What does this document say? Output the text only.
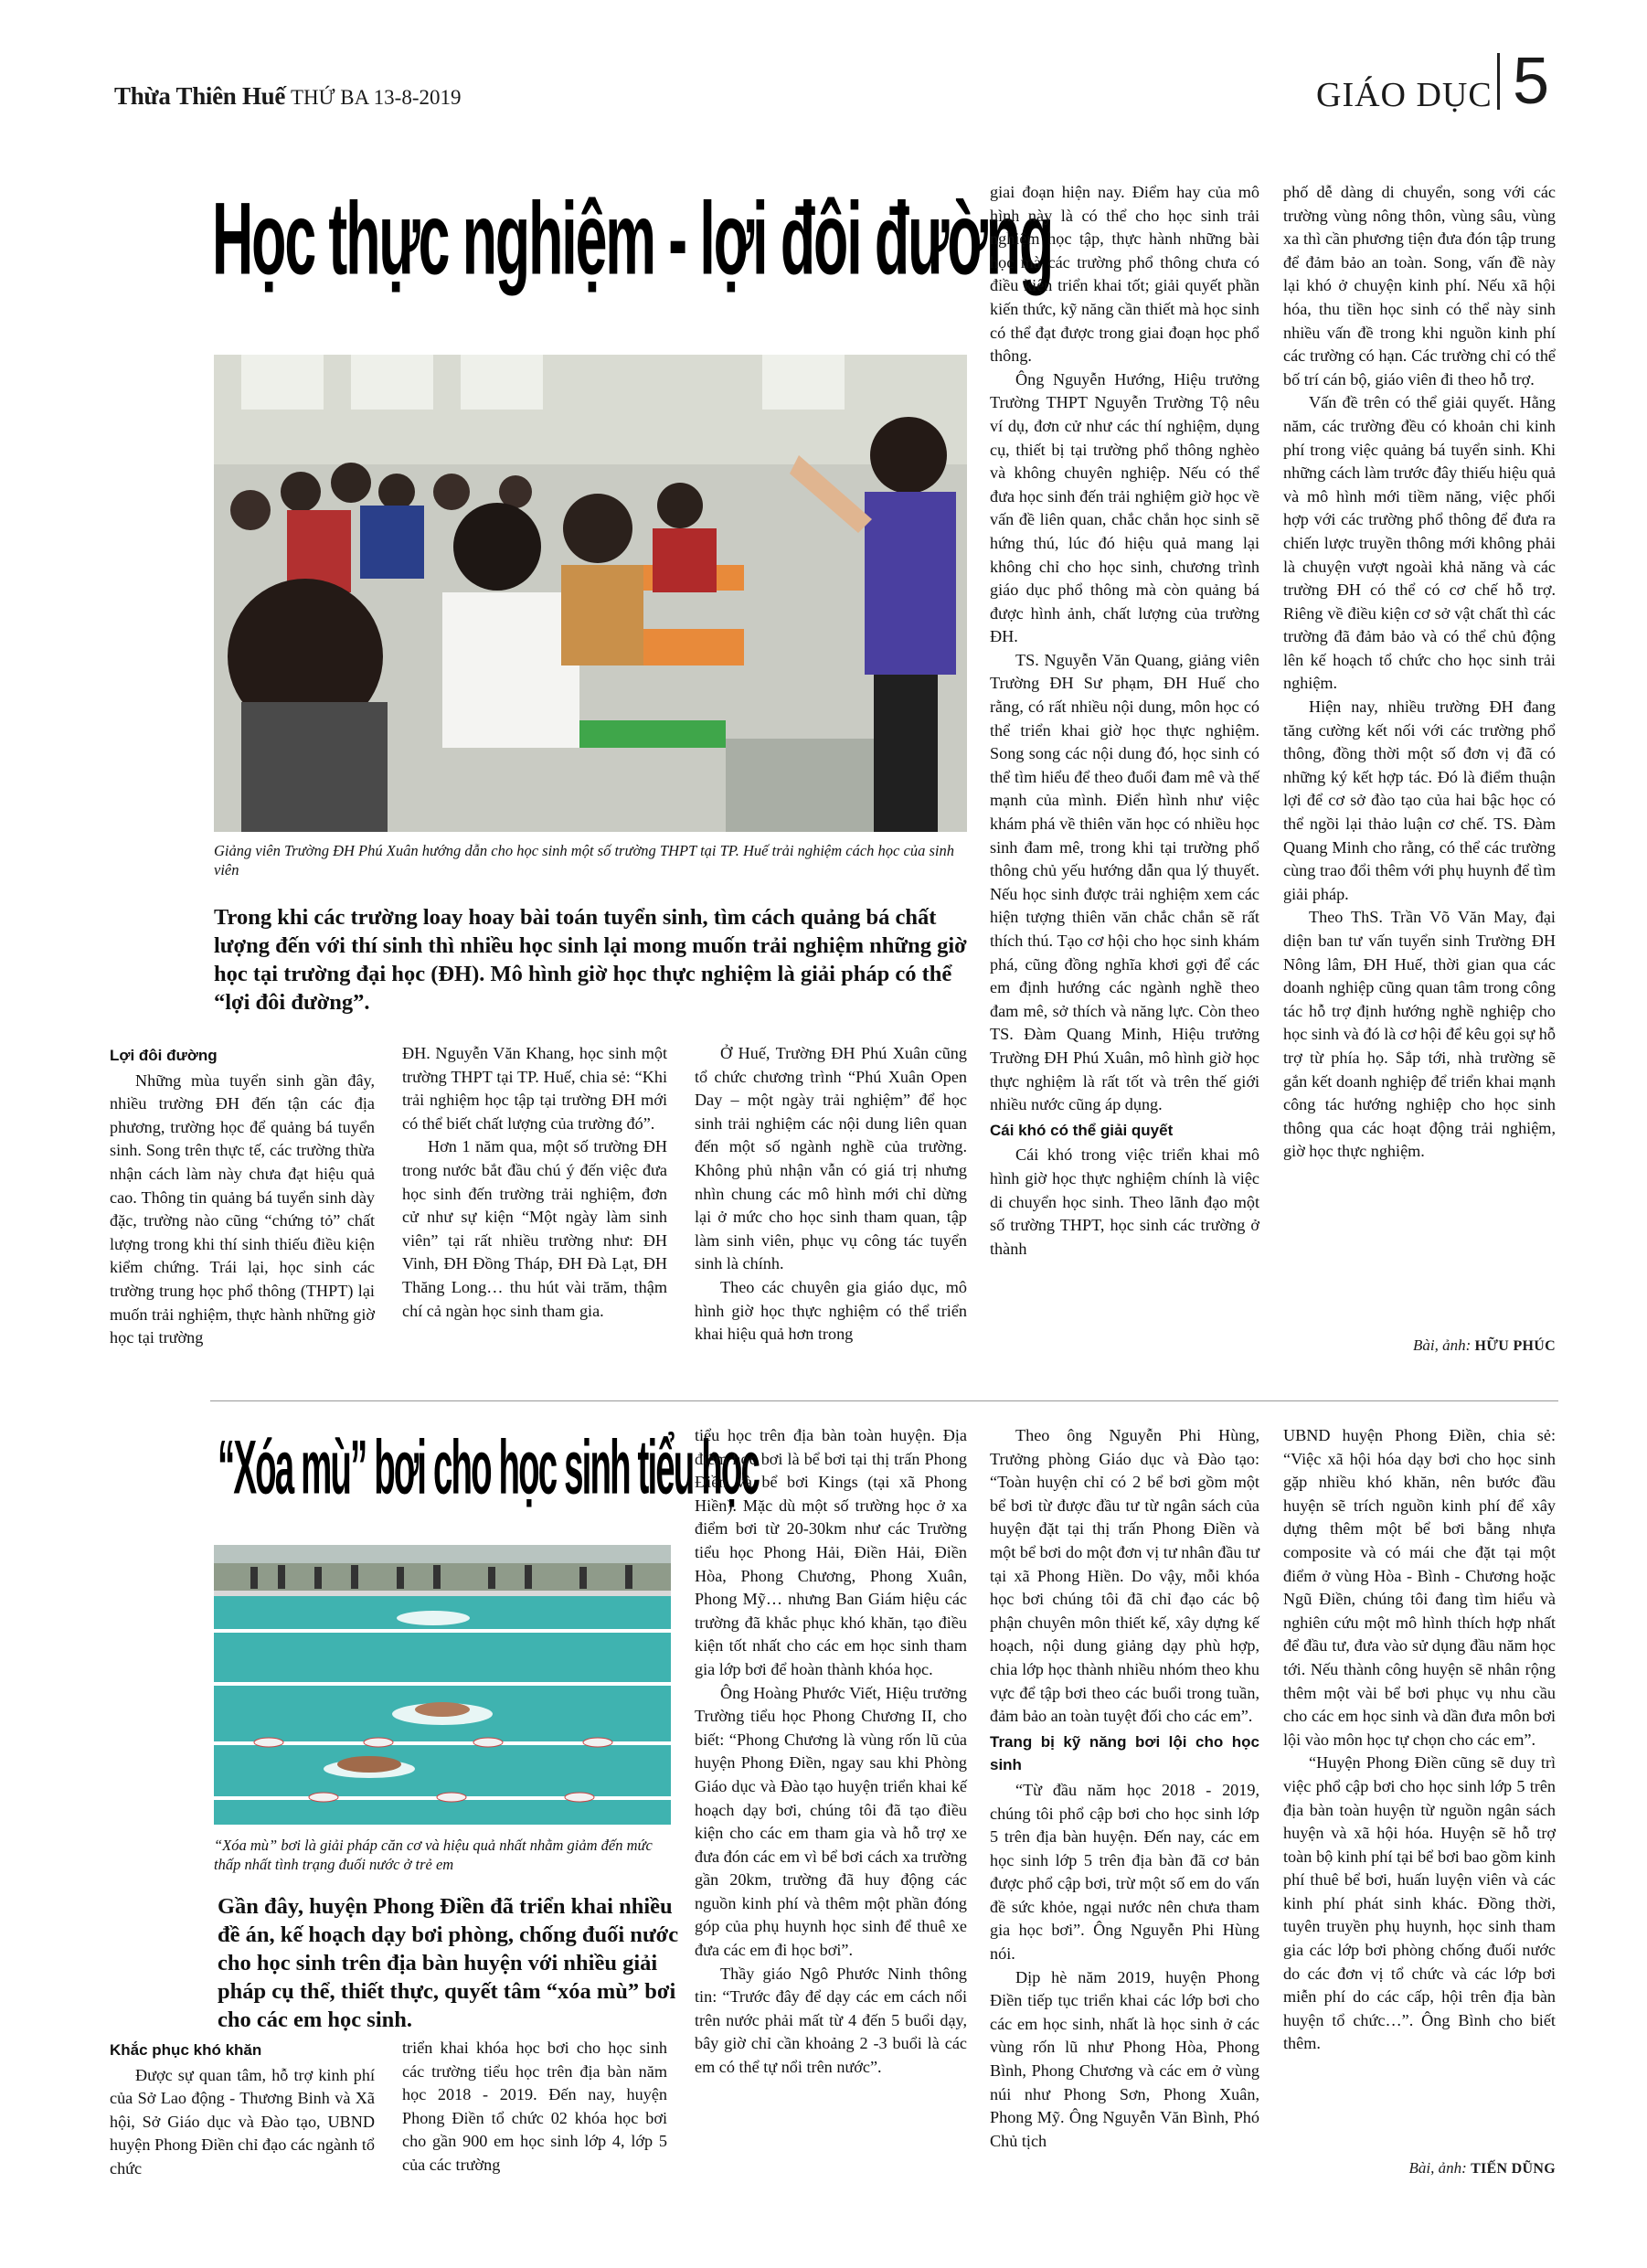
Thừa Thiên Huế THỨ BA 13-8-2019	GIÁO DỤC 5
Học thực nghiệm - lợi đôi đường
Giảng viên Trường ĐH Phú Xuân hướng dẫn cho học sinh một số trường THPT tại TP. Huế trải nghiệm cách học của sinh viên
Trong khi các trường loay hoay bài toán tuyển sinh, tìm cách quảng bá chất lượng đến với thí sinh thì nhiều học sinh lại mong muốn trải nghiệm những giờ học tại trường đại học (ĐH). Mô hình giờ học thực nghiệm là giải pháp có thể “lợi đôi đường”.
Lợi đôi đường

Những mùa tuyển sinh gần đây, nhiều trường ĐH đến tận các địa phương, trường học để quảng bá tuyển sinh. Song trên thực tế, các trường thừa nhận cách làm này chưa đạt hiệu quả cao. Thông tin quảng bá tuyển sinh dày đặc, trường nào cũng “chứng tỏ” chất lượng trong khi thí sinh thiếu điều kiện kiểm chứng. Trái lại, học sinh các trường trung học phổ thông (THPT) lại muốn trải nghiệm, thực hành những giờ học tại trường

ĐH. Nguyễn Văn Khang, học sinh một trường THPT tại TP. Huế, chia sẻ: “Khi trải nghiệm học tập tại trường ĐH mới có thể biết chất lượng của trường đó”.

Hơn 1 năm qua, một số trường ĐH trong nước bắt đầu chú ý đến việc đưa học sinh đến trường trải nghiệm, đơn cử như sự kiện “Một ngày làm sinh viên” tại rất nhiều trường như: ĐH Vinh, ĐH Đồng Tháp, ĐH Đà Lạt, ĐH Thăng Long… thu hút vài trăm, thậm chí cả ngàn học sinh tham gia.

Ở Huế, Trường ĐH Phú Xuân cũng tổ chức chương trình “Phú Xuân Open Day – một ngày trải nghiệm” để học sinh trải nghiệm các nội dung liên quan đến một số ngành nghề của trường. Không phủ nhận vẫn có giá trị nhưng nhìn chung các mô hình mới chỉ dừng lại ở mức cho học sinh tham quan, tập làm sinh viên, phục vụ công tác tuyển sinh là chính.

Theo các chuyên gia giáo dục, mô hình giờ học thực nghiệm có thể triển khai hiệu quả hơn trong

giai đoạn hiện nay. Điểm hay của mô hình này là có thể cho học sinh trải nghiệm học tập, thực hành những bài học mà các trường phổ thông chưa có điều kiện triển khai tốt; giải quyết phần kiến thức, kỹ năng cần thiết mà học sinh có thể đạt được trong giai đoạn học phổ thông.

Ông Nguyễn Hướng, Hiệu trưởng Trường THPT Nguyễn Trường Tộ nêu ví dụ, đơn cử như các thí nghiệm, dụng cụ, thiết bị tại trường phổ thông nghèo và không chuyên nghiệp. Nếu có thể đưa học sinh đến trải nghiệm giờ học về vấn đề liên quan, chắc chắn học sinh sẽ hứng thú, lúc đó hiệu quả mang lại không chỉ cho học sinh, chương trình giáo dục phổ thông mà còn quảng bá được hình ảnh, chất lượng của trường ĐH.

TS. Nguyễn Văn Quang, giảng viên Trường ĐH Sư phạm, ĐH Huế cho rằng, có rất nhiều nội dung, môn học có thể triển khai giờ học thực nghiệm. Song song các nội dung đó, học sinh có thể tìm hiểu để theo đuổi đam mê và thế mạnh của mình. Điển hình như việc khám phá về thiên văn học có nhiều học sinh đam mê, trong khi tại trường phổ thông chủ yếu hướng dẫn qua lý thuyết. Nếu học sinh được trải nghiệm xem các hiện tượng thiên văn chắc chắn sẽ rất thích thú. Tạo cơ hội cho học sinh khám phá, cũng đồng nghĩa khơi gợi để các em định hướng các ngành nghề theo đam mê, sở thích và năng lực. Còn theo TS. Đàm Quang Minh, Hiệu trưởng Trường ĐH Phú Xuân, mô hình giờ học thực nghiệm là rất tốt và trên thế giới nhiều nước cũng áp dụng.

Cái khó có thể giải quyết

Cái khó trong việc triển khai mô hình giờ học thực nghiệm chính là việc di chuyển học sinh. Theo lãnh đạo một số trường THPT, học sinh các trường ở thành

phố dễ dàng di chuyển, song với các trường vùng nông thôn, vùng sâu, vùng xa thì cần phương tiện đưa đón tập trung để đảm bảo an toàn. Song, vấn đề này lại khó ở chuyện kinh phí. Nếu xã hội hóa, thu tiền học sinh có thể này sinh nhiều vấn đề trong khi nguồn kinh phí các trường có hạn. Các trường chỉ có thể bố trí cán bộ, giáo viên đi theo hỗ trợ.

Vấn đề trên có thể giải quyết. Hằng năm, các trường đều có khoản chi kinh phí trong việc quảng bá tuyển sinh. Khi những cách làm trước đây thiếu hiệu quả và mô hình mới tiềm năng, việc phối hợp với các trường phổ thông để đưa ra chiến lược truyền thông mới không phải là chuyện vượt ngoài khả năng và các trường ĐH có thể có cơ chế hỗ trợ. Riêng về điều kiện cơ sở vật chất thì các trường đã đảm bảo và có thể chủ động lên kế hoạch tổ chức cho học sinh trải nghiệm.

Hiện nay, nhiều trường ĐH đang tăng cường kết nối với các trường phổ thông, đồng thời một số đơn vị đã có những ký kết hợp tác. Đó là điểm thuận lợi để cơ sở đào tạo của hai bậc học có thể ngồi lại thảo luận cơ chế. TS. Đàm Quang Minh cho rằng, có thể các trường cùng trao đổi thêm với phụ huynh để tìm giải pháp.

Theo ThS. Trần Võ Văn May, đại diện ban tư vấn tuyển sinh Trường ĐH Nông lâm, ĐH Huế, thời gian qua các doanh nghiệp cũng quan tâm trong công tác hỗ trợ định hướng nghề nghiệp cho học sinh và đó là cơ hội để kêu gọi sự hỗ trợ từ phía họ. Sắp tới, nhà trường sẽ gắn kết doanh nghiệp để triển khai mạnh công tác hướng nghiệp cho học sinh thông qua các hoạt động trải nghiệm, giờ học thực nghiệm.

Bài, ảnh: HỮU PHÚC
“Xóa mù” bơi cho học sinh tiểu học
“Xóa mù” bơi là giải pháp căn cơ và hiệu quả nhất nhằm giảm đến mức thấp nhất tình trạng đuối nước ở trẻ em
Gần đây, huyện Phong Điền đã triển khai nhiều đề án, kế hoạch dạy bơi phòng, chống đuối nước cho học sinh trên địa bàn huyện với nhiều giải pháp cụ thể, thiết thực, quyết tâm “xóa mù” bơi cho các em học sinh.
Khắc phục khó khăn

Được sự quan tâm, hỗ trợ kinh phí của Sở Lao động - Thương Binh và Xã hội, Sở Giáo dục và Đào tạo, UBND huyện Phong Điền chỉ đạo các ngành tổ chức

triển khai khóa học bơi cho học sinh các trường tiểu học trên địa bàn năm học 2018 - 2019. Đến nay, huyện Phong Điền tổ chức 02 khóa học bơi cho gần 900 em học sinh lớp 4, lớp 5 của các trường

tiểu học trên địa bàn toàn huyện. Địa điểm học bơi là bể bơi tại thị trấn Phong Điền và bể bơi Kings (tại xã Phong Hiền). Mặc dù một số trường học ở xa điểm bơi từ 20-30km như các Trường tiểu học Phong Hải, Điền Hải, Điền Hòa, Phong Chương, Phong Xuân, Phong Mỹ… nhưng Ban Giám hiệu các trường đã khắc phục khó khăn, tạo điều kiện tốt nhất cho các em học sinh tham gia lớp bơi để hoàn thành khóa học.

Ông Hoàng Phước Viết, Hiệu trưởng Trường tiểu học Phong Chương II, cho biết: “Phong Chương là vùng rốn lũ của huyện Phong Điền, ngay sau khi Phòng Giáo dục và Đào tạo huyện triển khai kế hoạch dạy bơi, chúng tôi đã tạo điều kiện cho các em tham gia và hỗ trợ xe đưa đón các em vì bể bơi cách xa trường gần 20km, trường đã huy động các nguồn kinh phí và thêm một phần đóng góp của phụ huynh học sinh để thuê xe đưa các em đi học bơi”.

Thầy giáo Ngô Phước Ninh thông tin: “Trước đây để dạy các em cách nổi trên nước phải mất từ 4 đến 5 buổi dạy, bây giờ chỉ cần khoảng 2 -3 buổi là các em có thể tự nổi trên nước”.

Theo ông Nguyễn Phi Hùng, Trưởng phòng Giáo dục và Đào tạo: “Toàn huyện chỉ có 2 bể bơi gồm một bể bơi từ được đầu tư từ ngân sách của huyện đặt tại thị trấn Phong Điền và một bể bơi do một đơn vị tư nhân đầu tư tại xã Phong Hiền. Do vậy, mỗi khóa học bơi chúng tôi đã chỉ đạo các bộ phận chuyên môn thiết kế, xây dựng kế hoạch, nội dung giảng dạy phù hợp, chia lớp học thành nhiều nhóm theo khu vực để tập bơi theo các buổi trong tuần, đảm bảo an toàn tuyệt đối cho các em”.

Trang bị kỹ năng bơi lội cho học sinh

“Từ đầu năm học 2018 - 2019, chúng tôi phổ cập bơi cho học sinh lớp 5 trên địa bàn huyện. Đến nay, các em học sinh lớp 5 trên địa bàn đã cơ bản được phổ cập bơi, trừ một số em do vấn đề sức khỏe, ngại nước nên chưa tham gia học bơi”. Ông Nguyễn Phi Hùng nói.

Dịp hè năm 2019, huyện Phong Điền tiếp tục triển khai các lớp bơi cho các em học sinh, nhất là học sinh ở các vùng rốn lũ như Phong Hòa, Phong Bình, Phong Chương và các em ở vùng núi như Phong Sơn, Phong Xuân, Phong Mỹ. Ông Nguyễn Văn Bình, Phó Chủ tịch

UBND huyện Phong Điền, chia sẻ: “Việc xã hội hóa dạy bơi cho học sinh gặp nhiều khó khăn, nên bước đầu huyện sẽ trích nguồn kinh phí để xây dựng thêm một bể bơi bằng nhựa composite và có mái che đặt tại một điểm ở vùng Hòa - Bình - Chương hoặc Ngũ Điền, chúng tôi đang tìm hiểu và nghiên cứu một mô hình thích hợp nhất để đầu tư, đưa vào sử dụng đầu năm học tới. Nếu thành công huyện sẽ nhân rộng thêm một vài bể bơi phục vụ nhu cầu cho các em học sinh và dần đưa môn bơi lội vào môn học tự chọn cho các em”.

“Huyện Phong Điền cũng sẽ duy trì việc phổ cập bơi cho học sinh lớp 5 trên địa bàn toàn huyện từ nguồn ngân sách huyện và xã hội hóa. Huyện sẽ hỗ trợ toàn bộ kinh phí tại bể bơi bao gồm kinh phí thuê bể bơi, huấn luyện viên và các kinh phí phát sinh khác. Đồng thời, tuyên truyền phụ huynh, học sinh tham gia các lớp bơi phòng chống đuối nước do các đơn vị tổ chức và các lớp bơi miễn phí do các cấp, hội trên địa bàn huyện tổ chức…”. Ông Bình cho biết thêm.

Bài, ảnh: TIẾN DŨNG
